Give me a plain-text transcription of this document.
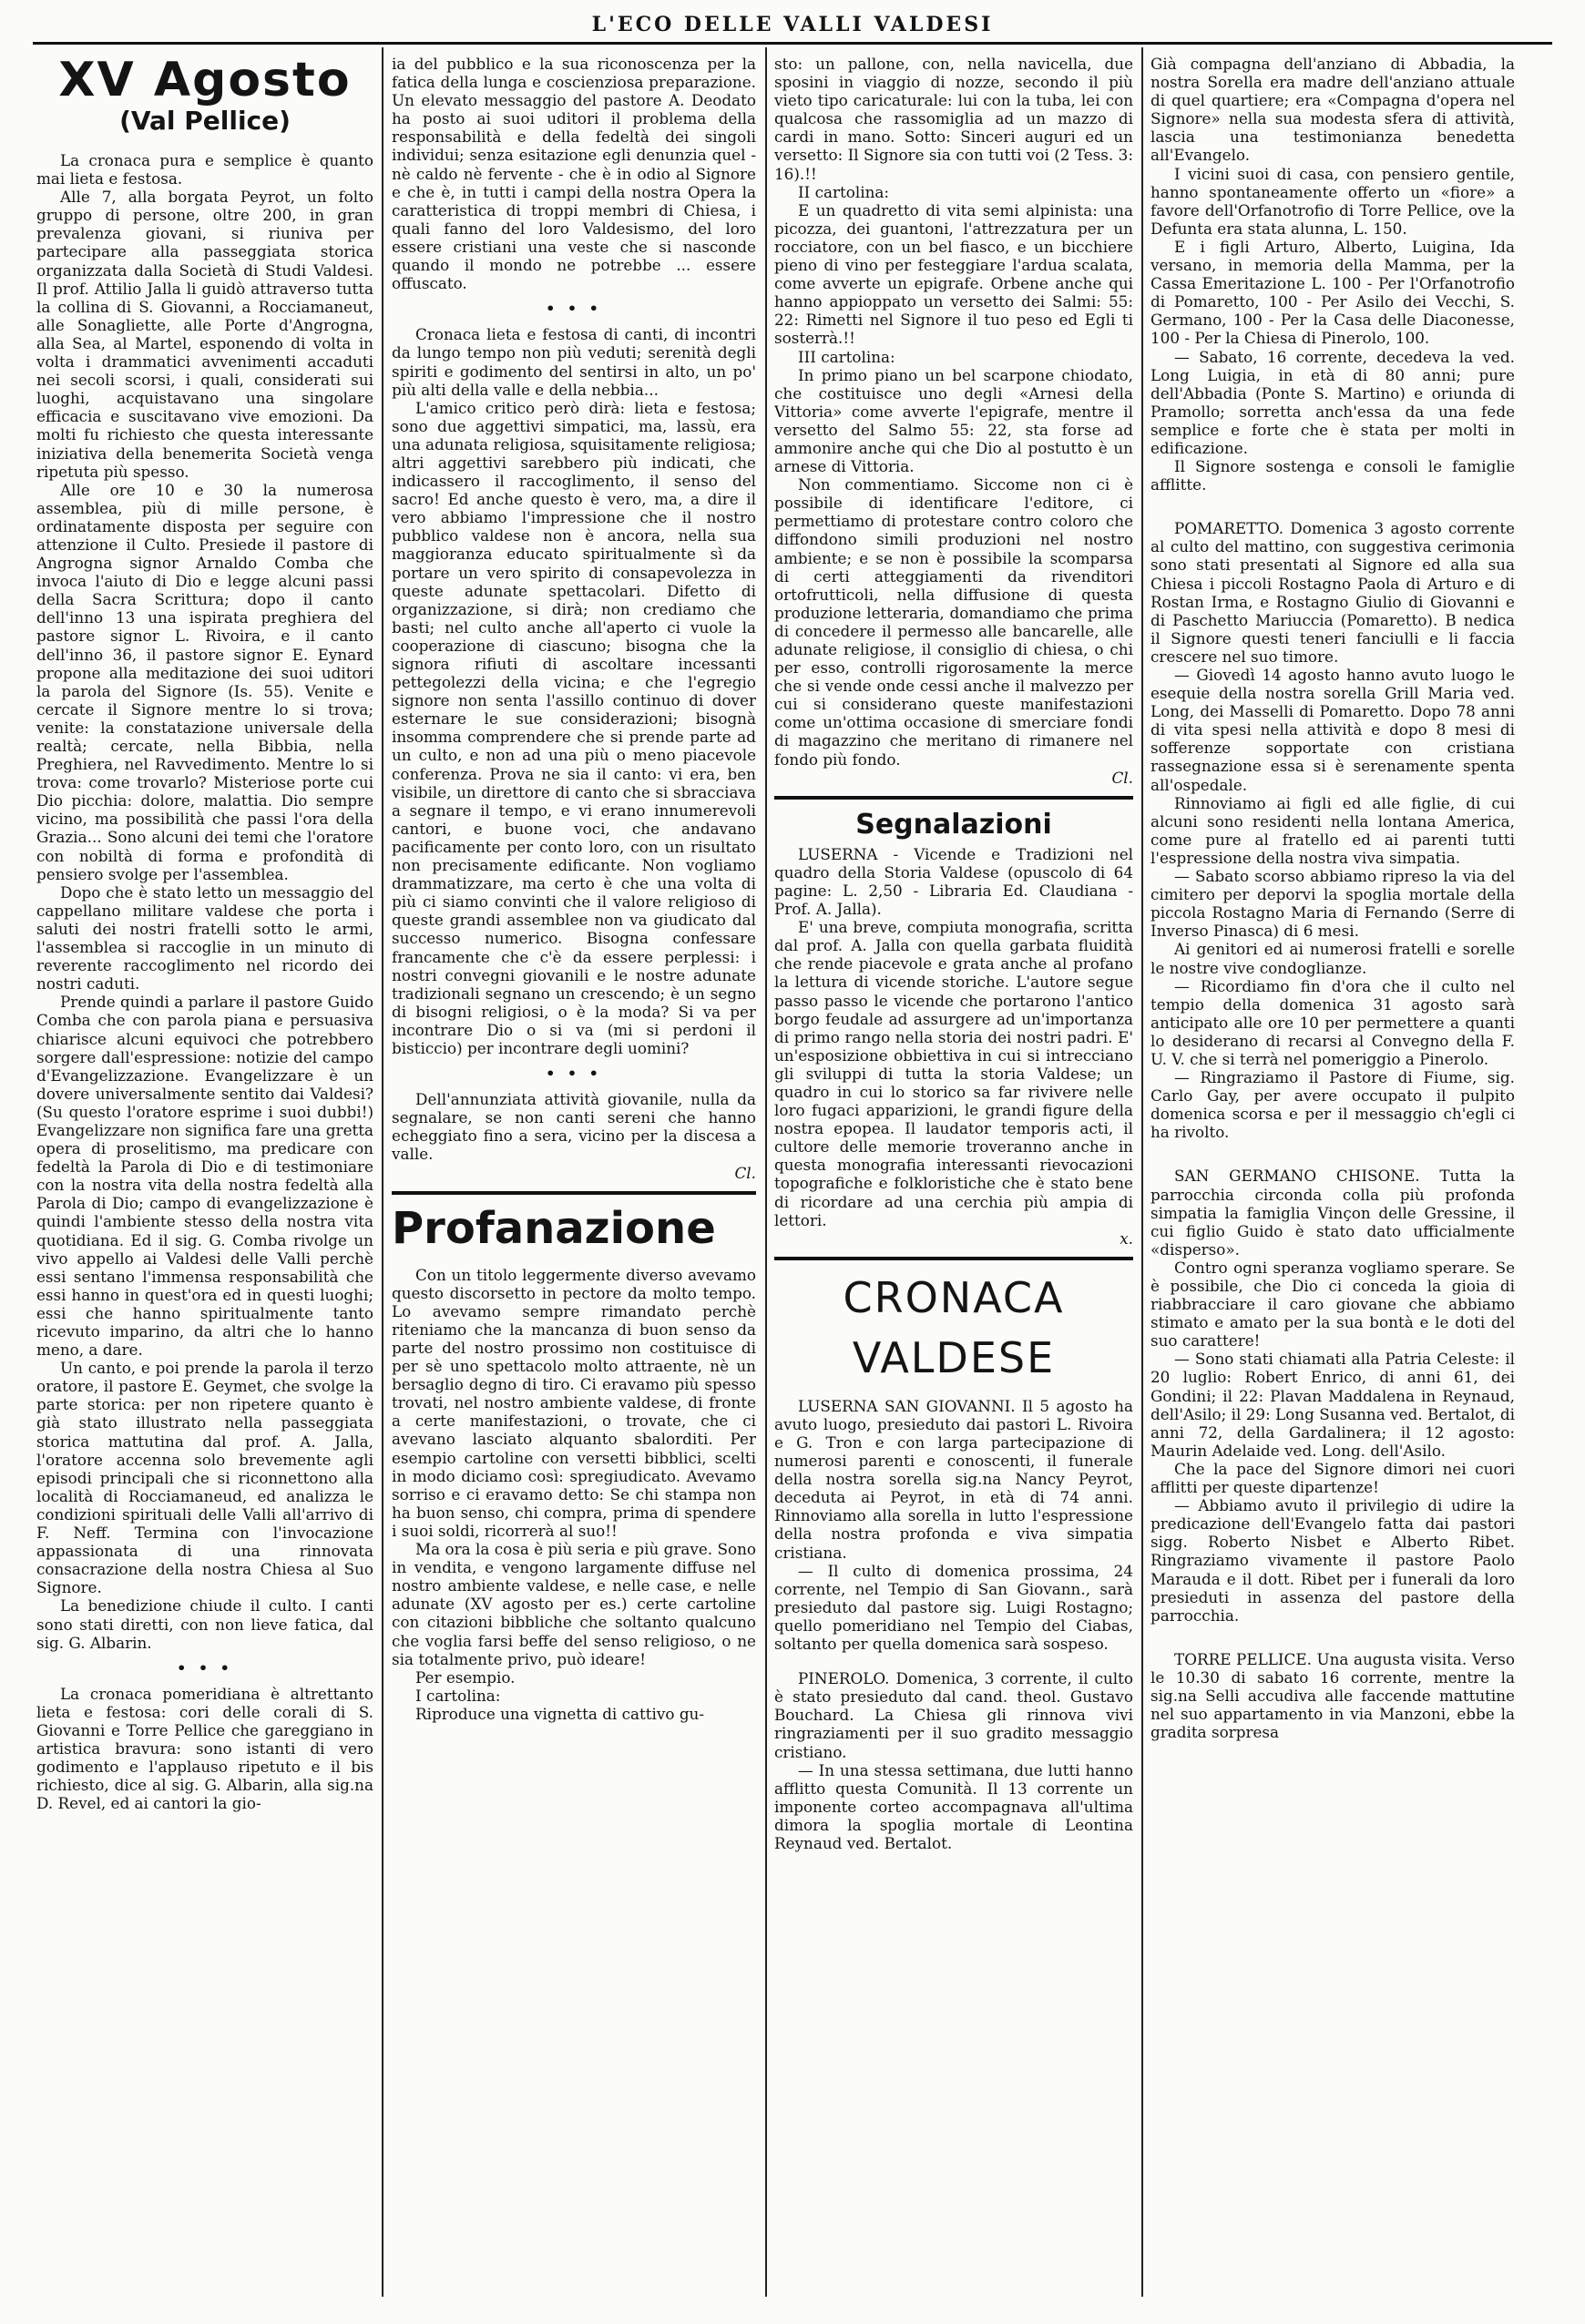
L'ECO DELLE VALLI VALDESI
XV Agosto
(Val Pellice)

La cronaca pura e semplice è quanto mai lieta e festosa.

Alle 7, alla borgata Peyrot, un folto gruppo di persone, oltre 200, in gran prevalenza giovani, si riuniva per partecipare alla passeggiata storica organizzata dalla Società di Studi Valdesi. Il prof. Attilio Jalla li guidò attraverso tutta la collina di S. Giovanni, a Rocciamaneut, alle Sonagliette, alle Porte d'Angrogna, alla Sea, al Martel, esponendo di volta in volta i drammatici avvenimenti accaduti nei secoli scorsi, i quali, considerati sui luoghi, acquistavano una singolare efficacia e suscitavano vive emozioni. Da molti fu richiesto che questa interessante iniziativa della benemerita Società venga ripetuta più spesso.

Alle ore 10 e 30 la numerosa assemblea, più di mille persone, è ordinatamente disposta per seguire con attenzione il Culto. Presiede il pastore di Angrogna signor Arnaldo Comba che invoca l'aiuto di Dio e legge alcuni passi della Sacra Scrittura; dopo il canto dell'inno 13 una ispirata preghiera del pastore signor L. Rivoira, e il canto dell'inno 36, il pastore signor E. Eynard propone alla meditazione dei suoi uditori la parola del Signore (Is. 55). Venite e cercate il Signore mentre lo si trova; venite: la constatazione universale della realtà; cercate, nella Bibbia, nella Preghiera, nel Ravvedimento. Mentre lo si trova: come trovarlo? Misteriose porte cui Dio picchia: dolore, malattia. Dio sempre vicino, ma possibilità che passi l'ora della Grazia... Sono alcuni dei temi che l'oratore con nobiltà di forma e profondità di pensiero svolge per l'assemblea.

Dopo che è stato letto un messaggio del cappellano militare valdese che porta i saluti dei nostri fratelli sotto le armi, l'assemblea si raccoglie in un minuto di reverente raccoglimento nel ricordo dei nostri caduti.

Prende quindi a parlare il pastore Guido Comba che con parola piana e persuasiva chiarisce alcuni equivoci che potrebbero sorgere dall'espressione: notizie del campo d'Evangelizzazione. Evangelizzare è un dovere universalmente sentito dai Valdesi? (Su questo l'oratore esprime i suoi dubbi!) Evangelizzare non significa fare una gretta opera di proselitismo, ma predicare con fedeltà la Parola di Dio e di testimoniare con la nostra vita della nostra fedeltà alla Parola di Dio; campo di evangelizzazione è quindi l'ambiente stesso della nostra vita quotidiana. Ed il sig. G. Comba rivolge un vivo appello ai Valdesi delle Valli perchè essi sentano l'immensa responsabilità che essi hanno in quest'ora ed in questi luoghi; essi che hanno spiritualmente tanto ricevuto imparino, da altri che lo hanno meno, a dare.

Un canto, e poi prende la parola il terzo oratore, il pastore E. Geymet, che svolge la parte storica: per non ripetere quanto è già stato illustrato nella passeggiata storica mattutina dal prof. A. Jalla, l'oratore accenna solo brevemente agli episodi principali che si riconnettono alla località di Rocciamaneud, ed analizza le condizioni spirituali delle Valli all'arrivo di F. Neff. Termina con l'invocazione appassionata di una rinnovata consacrazione della nostra Chiesa al Suo Signore.

La benedizione chiude il culto. I canti sono stati diretti, con non lieve fatica, dal sig. G. Albarin.

• • •

La cronaca pomeridiana è altrettanto lieta e festosa: cori delle corali di S. Giovanni e Torre Pellice che gareggiano in artistica bravura: sono istanti di vero godimento e l'applauso ripetuto e il bis richiesto, dice al sig. G. Albarin, alla sig.na D. Revel, ed ai cantori la gio-

ia del pubblico e la sua riconoscenza per la fatica della lunga e coscienziosa preparazione. Un elevato messaggio del pastore A. Deodato ha posto ai suoi uditori il problema della responsabilità e della fedeltà dei singoli individui; senza esitazione egli denunzia quel - nè caldo nè fervente - che è in odio al Signore e che è, in tutti i campi della nostra Opera la caratteristica di troppi membri di Chiesa, i quali fanno del loro Valdesismo, del loro essere cristiani una veste che si nasconde quando il mondo ne potrebbe ... essere offuscato.

• • •

Cronaca lieta e festosa di canti, di incontri da lungo tempo non più veduti; serenità degli spiriti e godimento del sentirsi in alto, un po' più alti della valle e della nebbia...

L'amico critico però dirà: lieta e festosa; sono due aggettivi simpatici, ma, lassù, era una adunata religiosa, squisitamente religiosa; altri aggettivi sarebbero più indicati, che indicassero il raccoglimento, il senso del sacro! Ed anche questo è vero, ma, a dire il vero abbiamo l'impressione che il nostro pubblico valdese non è ancora, nella sua maggioranza educato spiritualmente sì da portare un vero spirito di consapevolezza in queste adunate spettacolari. Difetto di organizzazione, si dirà; non crediamo che basti; nel culto anche all'aperto ci vuole la cooperazione di ciascuno; bisogna che la signora rifiuti di ascoltare incessanti pettegolezzi della vicina; e che l'egregio signore non senta l'assillo continuo di dover esternare le sue considerazioni; bisognà insomma comprendere che si prende parte ad un culto, e non ad una più o meno piacevole conferenza. Prova ne sia il canto: vi era, ben visibile, un direttore di canto che si sbracciava a segnare il tempo, e vi erano innumerevoli cantori, e buone voci, che andavano pacificamente per conto loro, con un risultato non precisamente edificante. Non vogliamo drammatizzare, ma certo è che una volta di più ci siamo convinti che il valore religioso di queste grandi assemblee non va giudicato dal successo numerico. Bisogna confessare francamente che c'è da essere perplessi: i nostri convegni giovanili e le nostre adunate tradizionali segnano un crescendo; è un segno di bisogni religiosi, o è la moda? Si va per incontrare Dio o si va (mi si perdoni il bisticcio) per incontrare degli uomini?

• • •

Dell'annunziata attività giovanile, nulla da segnalare, se non canti sereni che hanno echeggiato fino a sera, vicino per la discesa a valle.

Cl.
Profanazione

Con un titolo leggermente diverso avevamo questo discorsetto in pectore da molto tempo. Lo avevamo sempre rimandato perchè riteniamo che la mancanza di buon senso da parte del nostro prossimo non costituisce di per sè uno spettacolo molto attraente, nè un bersaglio degno di tiro. Ci eravamo più spesso trovati, nel nostro ambiente valdese, di fronte a certe manifestazioni, o trovate, che ci avevano lasciato alquanto sbalorditi. Per esempio cartoline con versetti bibblici, scelti in modo diciamo così: spregiudicato. Avevamo sorriso e ci eravamo detto: Se chi stampa non ha buon senso, chi compra, prima di spendere i suoi soldi, ricorrerà al suo!!

Ma ora la cosa è più seria e più grave. Sono in vendita, e vengono largamente diffuse nel nostro ambiente valdese, e nelle case, e nelle adunate (XV agosto per es.) certe cartoline con citazioni bibbliche che soltanto qualcuno che voglia farsi beffe del senso religioso, o ne sia totalmente privo, può ideare!

Per esempio.

I cartolina:

Riproduce una vignetta di cattivo gu-

sto: un pallone, con, nella navicella, due sposini in viaggio di nozze, secondo il più vieto tipo caricaturale: lui con la tuba, lei con qualcosa che rassomiglia ad un mazzo di cardi in mano. Sotto: Sinceri auguri ed un versetto: Il Signore sia con tutti voi (2 Tess. 3: 16).!!

II cartolina:

E un quadretto di vita semi alpinista: una picozza, dei guantoni, l'attrezzatura per un rocciatore, con un bel fiasco, e un bicchiere pieno di vino per festeggiare l'ardua scalata, come avverte un epigrafe. Orbene anche qui hanno appioppato un versetto dei Salmi: 55: 22: Rimetti nel Signore il tuo peso ed Egli ti sosterrà.!!

III cartolina:

In primo piano un bel scarpone chiodato, che costituisce uno degli «Arnesi della Vittoria» come avverte l'epigrafe, mentre il versetto del Salmo 55: 22, sta forse ad ammonire anche qui che Dio al postutto è un arnese di Vittoria.

Non commentiamo. Siccome non ci è possibile di identificare l'editore, ci permettiamo di protestare contro coloro che diffondono simili produzioni nel nostro ambiente; e se non è possibile la scomparsa di certi atteggiamenti da rivenditori ortofrutticoli, nella diffusione di questa produzione letteraria, domandiamo che prima di concedere il permesso alle bancarelle, alle adunate religiose, il consiglio di chiesa, o chi per esso, controlli rigorosamente la merce che si vende onde cessi anche il malvezzo per cui si considerano queste manifestazioni come un'ottima occasione di smerciare fondi di magazzino che meritano di rimanere nel fondo più fondo.

Cl.
Segnalazioni

LUSERNA - Vicende e Tradizioni nel quadro della Storia Valdese (opuscolo di 64 pagine: L. 2,50 - Libraria Ed. Claudiana - Prof. A. Jalla).

E' una breve, compiuta monografia, scritta dal prof. A. Jalla con quella garbata fluidità che rende piacevole e grata anche al profano la lettura di vicende storiche. L'autore segue passo passo le vicende che portarono l'antico borgo feudale ad assurgere ad un'importanza di primo rango nella storia dei nostri padri. E' un'esposizione obbiettiva in cui si intrecciano gli sviluppi di tutta la storia Valdese; un quadro in cui lo storico sa far rivivere nelle loro fugaci apparizioni, le grandi figure della nostra epopea. Il laudator temporis acti, il cultore delle memorie troveranno anche in questa monografia interessanti rievocazioni topografiche e folkloristiche che è stato bene di ricordare ad una cerchia più ampia di lettori.

x.
CRONACA VALDESE

LUSERNA SAN GIOVANNI. Il 5 agosto ha avuto luogo, presieduto dai pastori L. Rivoira e G. Tron e con larga partecipazione di numerosi parenti e conoscenti, il funerale della nostra sorella sig.na Nancy Peyrot, deceduta ai Peyrot, in età di 74 anni. Rinnoviamo alla sorella in lutto l'espressione della nostra profonda e viva simpatia cristiana.

— Il culto di domenica prossima, 24 corrente, nel Tempio di San Giovann., sarà presieduto dal pastore sig. Luigi Rostagno; quello pomeridiano nel Tempio del Ciabas, soltanto per quella domenica sarà sospeso.

PINEROLO. Domenica, 3 corrente, il culto è stato presieduto dal cand. theol. Gustavo Bouchard. La Chiesa gli rinnova vivi ringraziamenti per il suo gradito messaggio cristiano.

— In una stessa settimana, due lutti hanno afflitto questa Comunità. Il 13 corrente un imponente corteo accompagnava all'ultima dimora la spoglia mortale di Leontina Reynaud ved. Bertalot.

Già compagna dell'anziano di Abbadia, la nostra Sorella era madre dell'anziano attuale di quel quartiere; era «Compagna d'opera nel Signore» nella sua modesta sfera di attività, lascia una testimonianza benedetta all'Evangelo.

I vicini suoi di casa, con pensiero gentile, hanno spontaneamente offerto un «fiore» a favore dell'Orfanotrofio di Torre Pellice, ove la Defunta era stata alunna, L. 150.

E i figli Arturo, Alberto, Luigina, Ida versano, in memoria della Mamma, per la Cassa Emeritazione L. 100 - Per l'Orfanotrofio di Pomaretto, 100 - Per Asilo dei Vecchi, S. Germano, 100 - Per la Casa delle Diaconesse, 100 - Per la Chiesa di Pinerolo, 100.

— Sabato, 16 corrente, decedeva la ved. Long Luigia, in età di 80 anni; pure dell'Abbadia (Ponte S. Martino) e oriunda di Pramollo; sorretta anch'essa da una fede semplice e forte che è stata per molti in edificazione.

Il Signore sostenga e consoli le famiglie afflitte.

POMARETTO. Domenica 3 agosto corrente al culto del mattino, con suggestiva cerimonia sono stati presentati al Signore ed alla sua Chiesa i piccoli Rostagno Paola di Arturo e di Rostan Irma, e Rostagno Giulio di Giovanni e di Paschetto Mariuccia (Pomaretto). B nedica il Signore questi teneri fanciulli e li faccia crescere nel suo timore.

— Giovedì 14 agosto hanno avuto luogo le esequie della nostra sorella Grill Maria ved. Long, dei Masselli di Pomaretto. Dopo 78 anni di vita spesi nella attività e dopo 8 mesi di sofferenze sopportate con cristiana rassegnazione essa si è serenamente spenta all'ospedale.

Rinnoviamo ai figli ed alle figlie, di cui alcuni sono residenti nella lontana America, come pure al fratello ed ai parenti tutti l'espressione della nostra viva simpatia.

— Sabato scorso abbiamo ripreso la via del cimitero per deporvi la spoglia mortale della piccola Rostagno Maria di Fernando (Serre di Inverso Pinasca) di 6 mesi.

Ai genitori ed ai numerosi fratelli e sorelle le nostre vive condoglianze.

— Ricordiamo fin d'ora che il culto nel tempio della domenica 31 agosto sarà anticipato alle ore 10 per permettere a quanti lo desiderano di recarsi al Convegno della F. U. V. che si terrà nel pomeriggio a Pinerolo.

— Ringraziamo il Pastore di Fiume, sig. Carlo Gay, per avere occupato il pulpito domenica scorsa e per il messaggio ch'egli ci ha rivolto.

SAN GERMANO CHISONE. Tutta la parrocchia circonda colla più profonda simpatia la famiglia Vinçon delle Gressine, il cui figlio Guido è stato dato ufficialmente «disperso».

Contro ogni speranza vogliamo sperare. Se è possibile, che Dio ci conceda la gioia di riabbracciare il caro giovane che abbiamo stimato e amato per la sua bontà e le doti del suo carattere!

— Sono stati chiamati alla Patria Celeste: il 20 luglio: Robert Enrico, di anni 61, dei Gondini; il 22: Plavan Maddalena in Reynaud, dell'Asilo; il 29: Long Susanna ved. Bertalot, di anni 72, della Gardalinera; il 12 agosto: Maurin Adelaide ved. Long. dell'Asilo.

Che la pace del Signore dimori nei cuori afflitti per queste dipartenze!

— Abbiamo avuto il privilegio di udire la predicazione dell'Evangelo fatta dai pastori sigg. Roberto Nisbet e Alberto Ribet. Ringraziamo vivamente il pastore Paolo Marauda e il dott. Ribet per i funerali da loro presieduti in assenza del pastore della parrocchia.

TORRE PELLICE. Una augusta visita. Verso le 10.30 di sabato 16 corrente, mentre la sig.na Selli accudiva alle faccende mattutine nel suo appartamento in via Manzoni, ebbe la gradita sorpresa
